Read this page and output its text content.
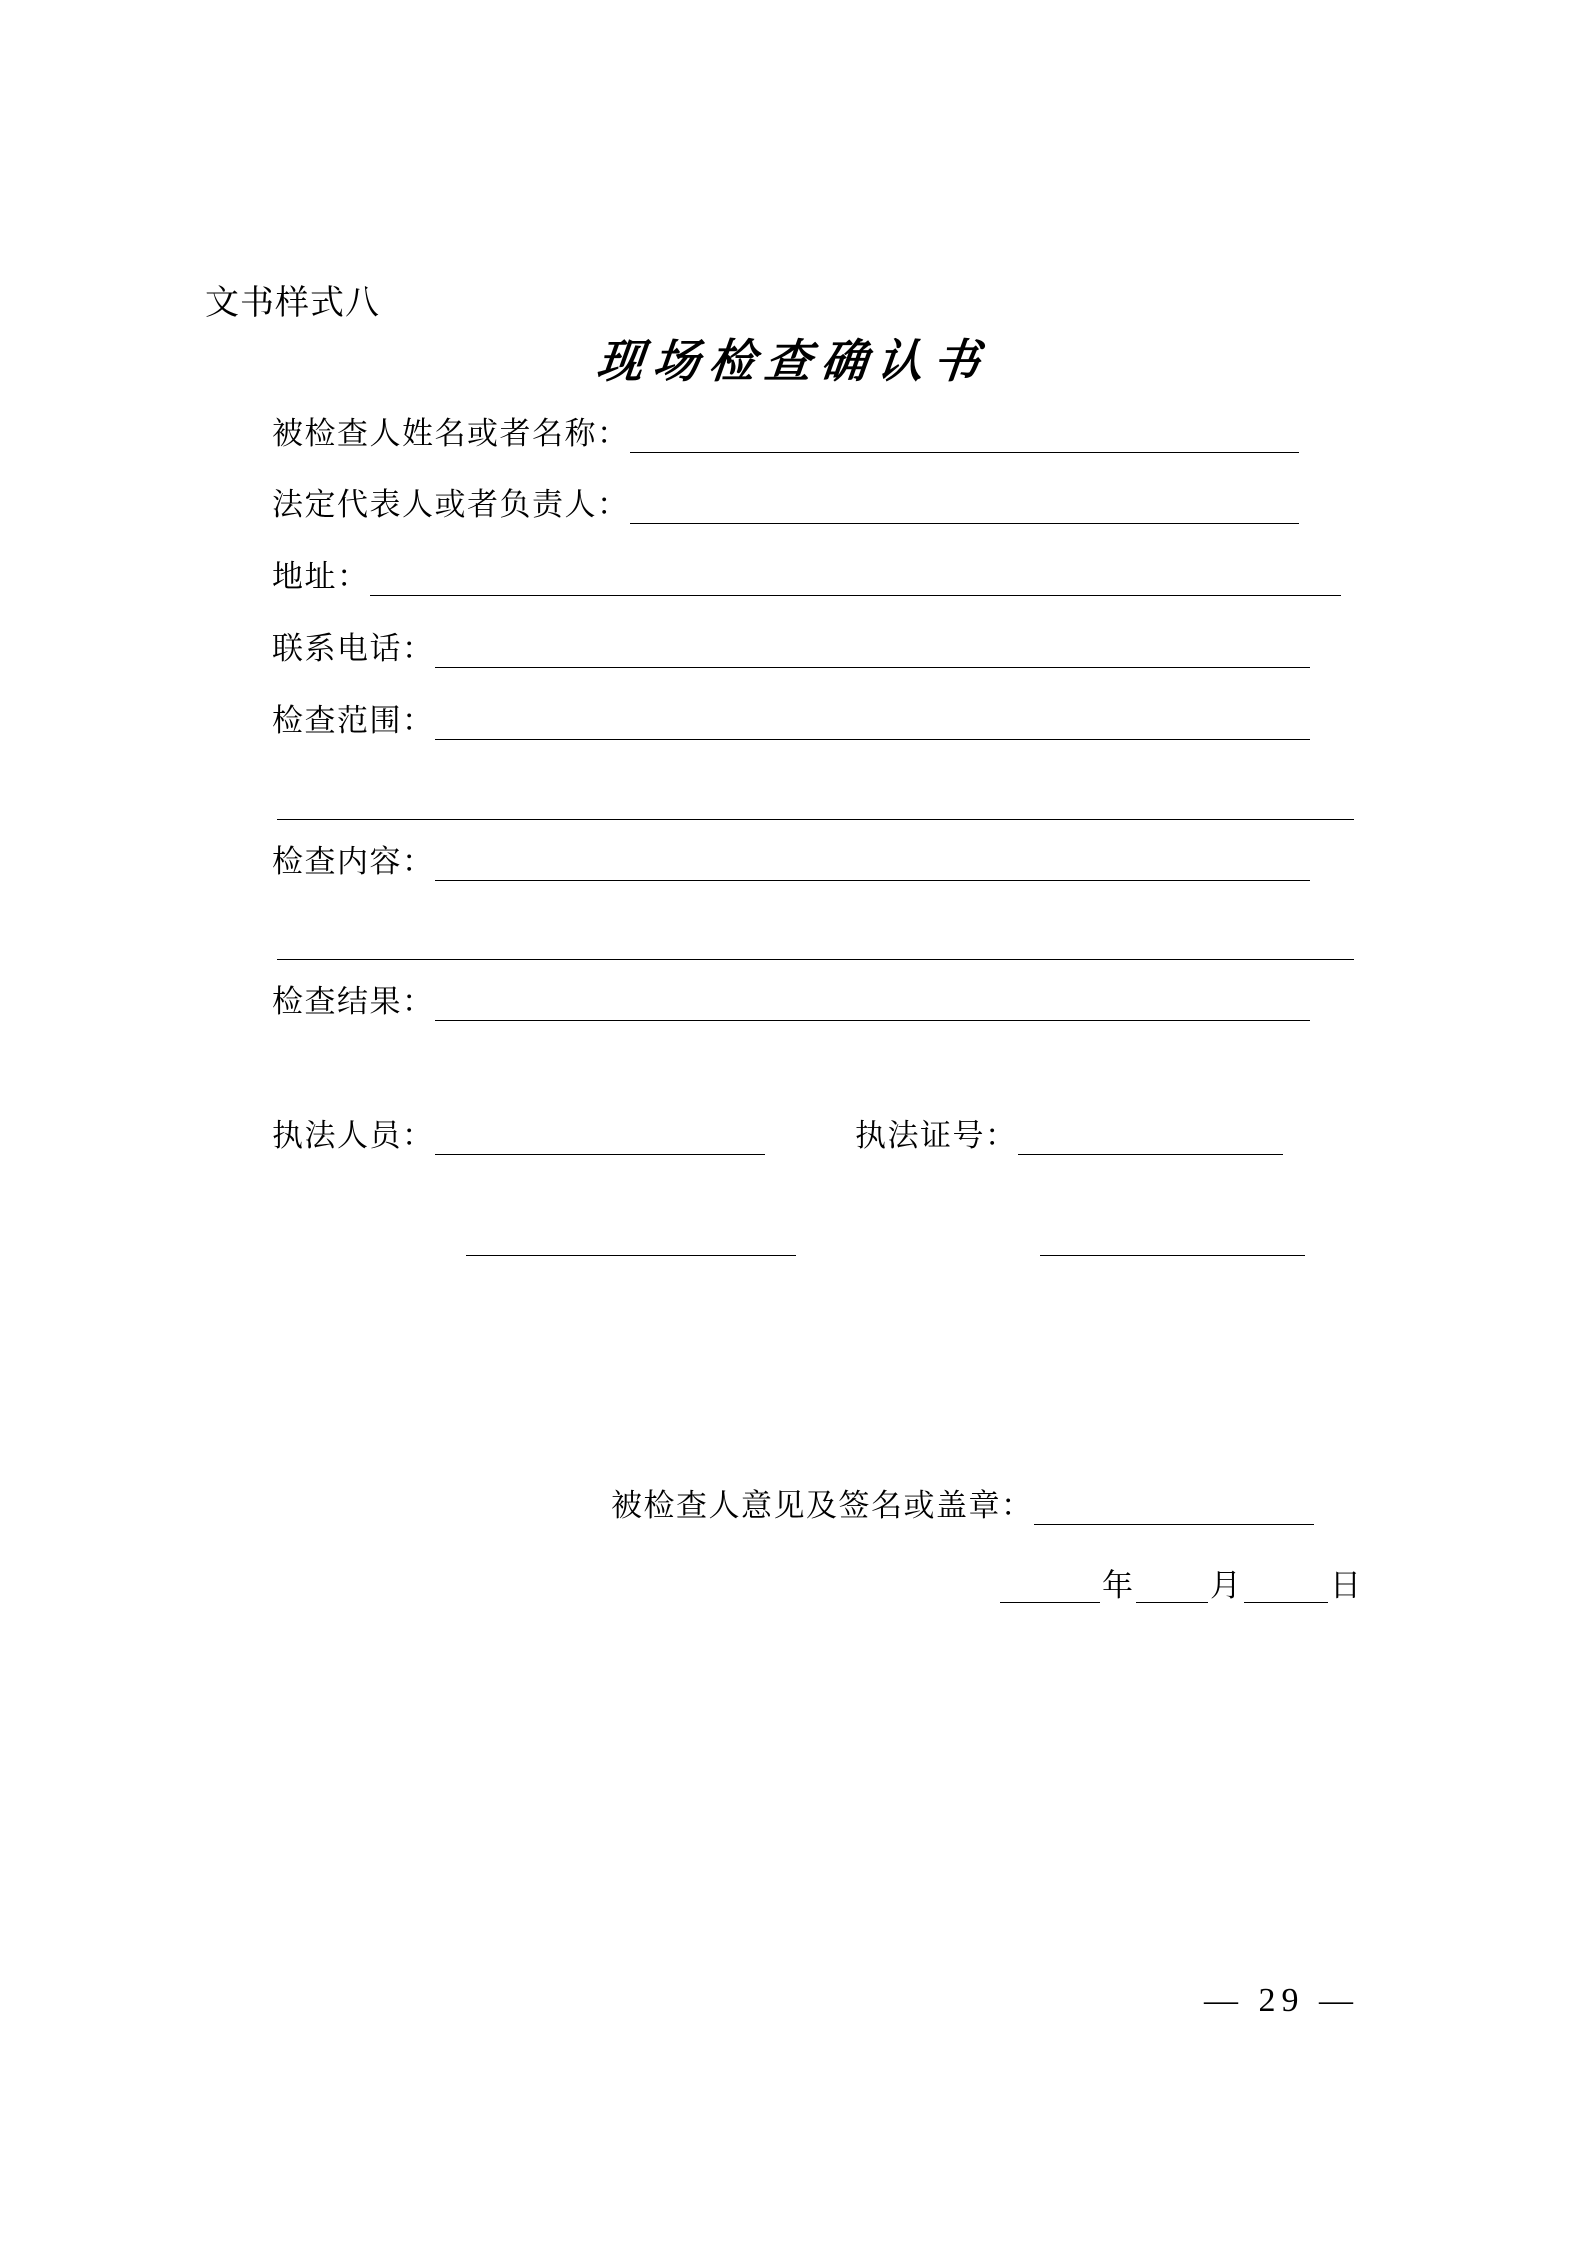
文书样式八
现场检查确认书
被检查人姓名或者名称：
法定代表人或者负责人：
地址：
联系电话：
检查范围：
检查内容：
检查结果：
执法人员：	执法证号：
被检查人意见及签名或盖章：
年 月	日
— 29 —
